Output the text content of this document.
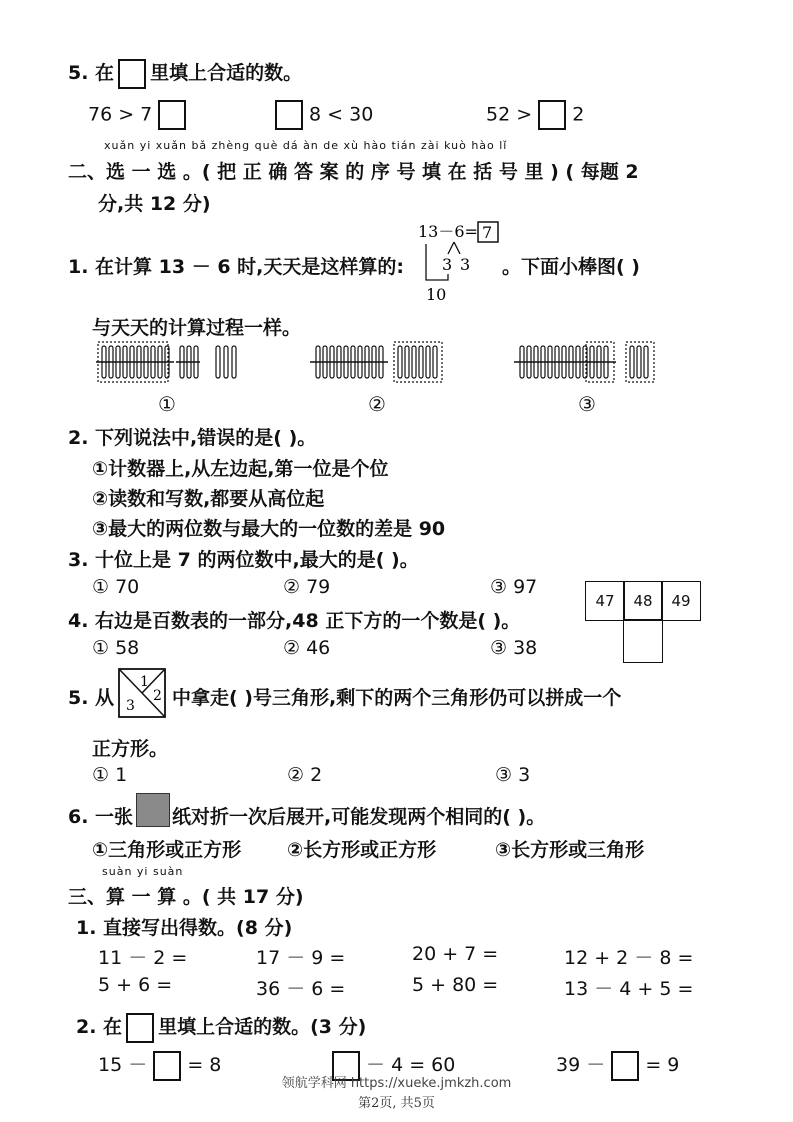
5. 在 里填上合适的数。
76 > 7	8 < 30	52 > 2
xuǎn yi xuǎn bǎ zhèng què dá àn de xù hào tián zài kuò hào lǐ
二、选 一 选 。( 把 正 确 答 案 的 序 号 填 在 括 号 里 ) ( 每题 2
分,共 12 分)
1. 在计算 13 － 6 时,天天是这样算的:
13－6= 7
3 3
10
。下面小棒图( )
与天天的计算过程一样。
①	②	③
2. 下列说法中,错误的是( )。
①计数器上,从左边起,第一位是个位
②读数和写数,都要从高位起
③最大的两位数与最大的一位数的差是 90
3. 十位上是 7 的两位数中,最大的是( )。
① 70	② 79	③ 97
4. 右边是百数表的一部分,48 正下方的一个数是( )。
① 58	② 46	③ 38
47	48	49
5. 从
1
2
3 中拿走( )号三角形,剩下的两个三角形仍可以拼成一个
正方形。
① 1	② 2	③ 3
6. 一张 纸对折一次后展开,可能发现两个相同的( )。
①三角形或正方形 ②长方形或正方形	③长方形或三角形
suàn yi suàn
三、算 一 算 。( 共 17 分)
1. 直接写出得数。(8 分)
11 － 2 =	17 － 9 =	20 + 7 =	12 + 2 － 8 =
5 + 6 =	36 － 6 =	5 + 80 =	13 － 4 + 5 =
2. 在 里填上合适的数。(3 分)
15 － = 8	－ 4 = 60	39 － = 9
领航学科网 https://xueke.jmkzh.com
第2页, 共5页
